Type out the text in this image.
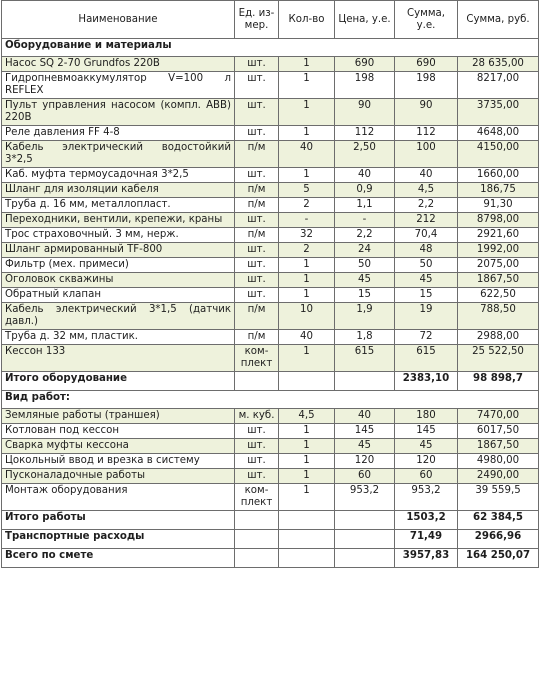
Наименование	Ед. из- мер.	Кол-во	Цена, у.е.	Сумма, у.е.	Сумма, руб.
Оборудование и материалы					
Насос SQ 2-70 Grundfos 220В	шт.	1	690	690	28 635,00
Гидропневмоаккумулятор V=100 л REFLEX	шт.	1	198	198	8217,00
Пульт управления насосом (компл. ABB) 220В	шт.	1	90	90	3735,00
Реле давления FF 4-8	шт.	1	112	112	4648,00
Кабель электрический водостойкий 3*2,5	п/м	40	2,50	100	4150,00
Каб. муфта термоусадочная 3*2,5	шт.	1	40	40	1660,00
Шланг для изоляции кабеля	п/м	5	0,9	4,5	186,75
Труба д. 16 мм, металлопласт.	п/м	2	1,1	2,2	91,30
Переходники, вентили, крепежи, краны	шт.	-	-	212	8798,00
Трос страховочный. 3 мм, нерж.	п/м	32	2,2	70,4	2921,60
Шланг армированный TF-800	шт.	2	24	48	1992,00
Фильтр (мех. примеси)	шт.	1	50	50	2075,00
Оголовок скважины	шт.	1	45	45	1867,50
Обратный клапан	шт.	1	15	15	622,50
Кабель электрический 3*1,5 (датчик давл.)	п/м	10	1,9	19	788,50
Труба д. 32 мм, пластик.	п/м	40	1,8	72	2988,00
Кессон 133	ком- плект	1	615	615	25 522,50
Итого оборудование				2383,10	98 898,7
Вид работ:					
Земляные работы (траншея)	м. куб.	4,5	40	180	7470,00
Котлован под кессон	шт.	1	145	145	6017,50
Сварка муфты кессона	шт.	1	45	45	1867,50
Цокольный ввод и врезка в систему	шт.	1	120	120	4980,00
Пусконаладочные работы	шт.	1	60	60	2490,00
Монтаж оборудования	ком- плект	1	953,2	953,2	39 559,5
Итого работы				1503,2	62 384,5
Транспортные расходы				71,49	2966,96
Всего по смете				3957,83	164 250,07
